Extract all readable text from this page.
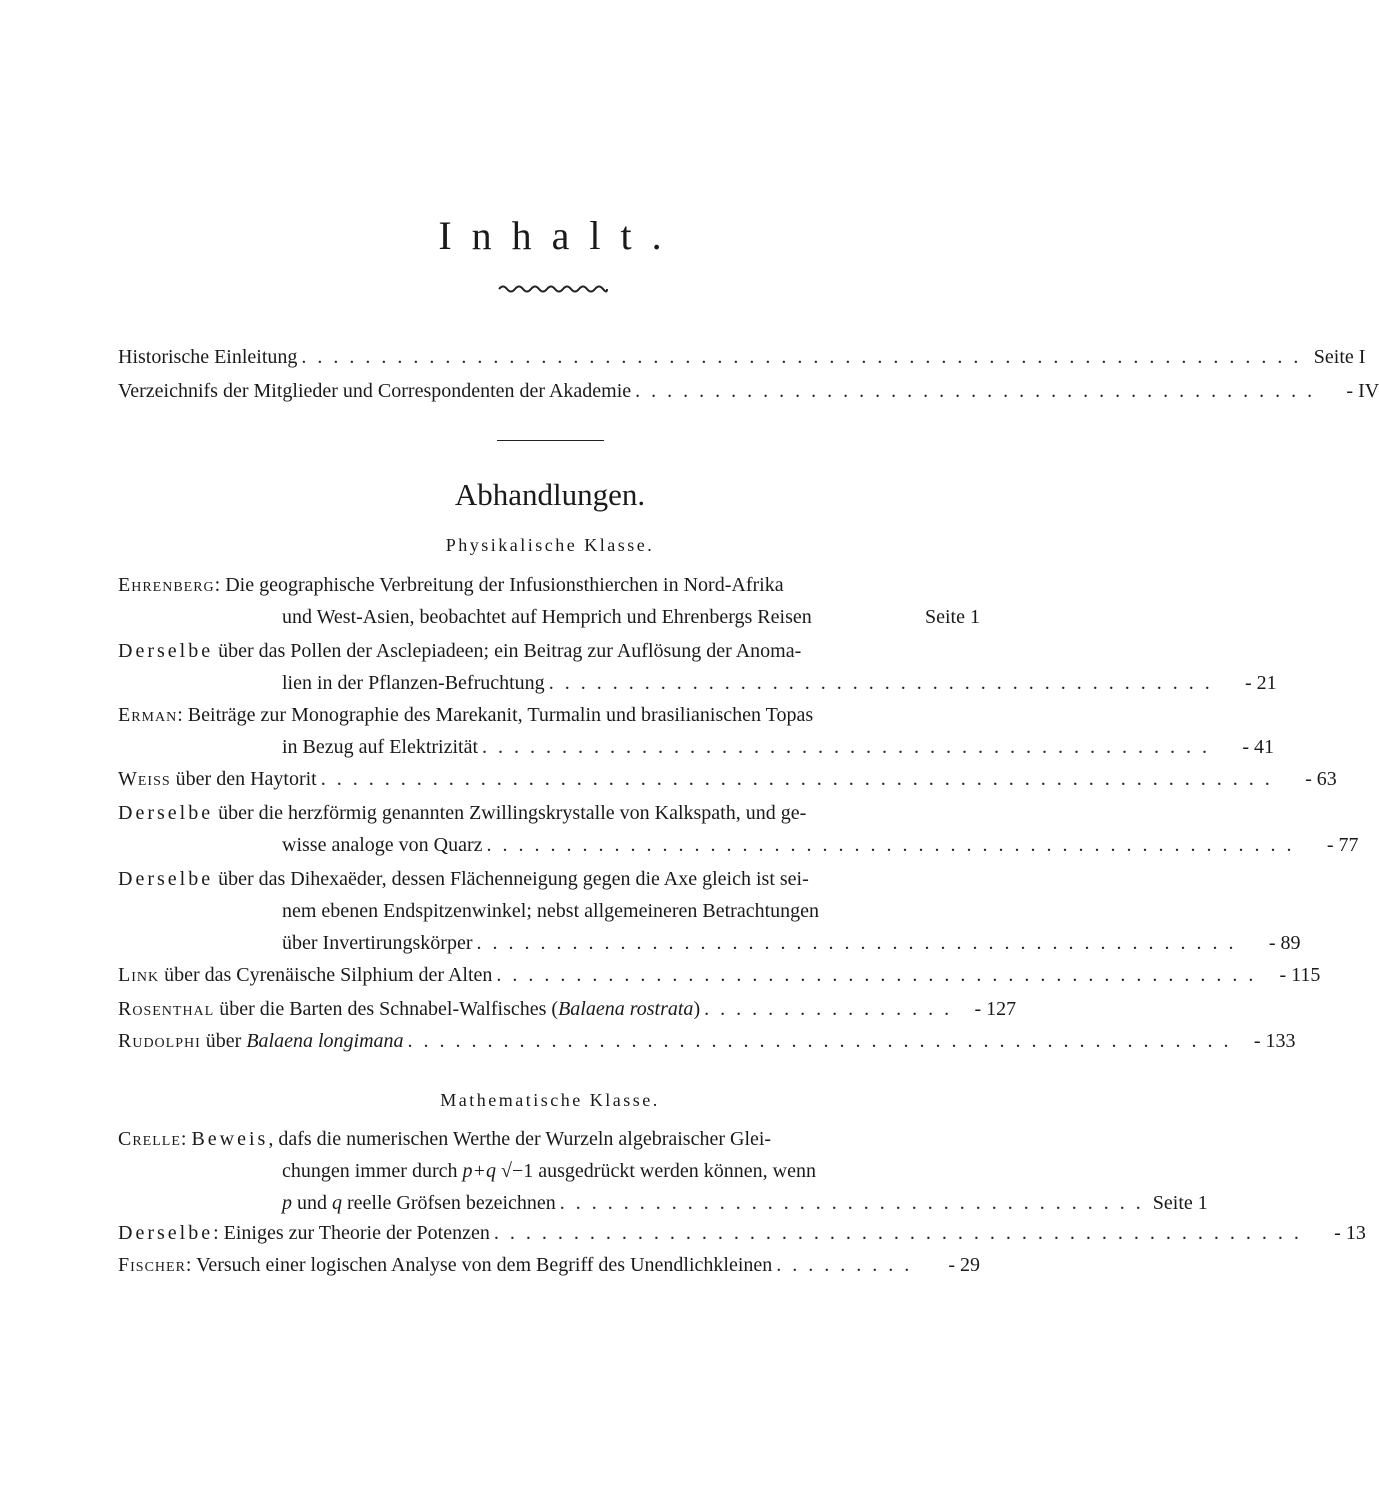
Inhalt.
Historische Einleitung . . . . . . . . . . . . . . . . . . . . . . . . . . . . . . . . . . . . . . . . . . . . . . . . . . . . . . . . . . . . . . . Seite I
Verzeichnifs der Mitglieder und Correspondenten der Akademie . . . . . . . . . . . . . . . . . . . . . . . . . . . . . . . . . . . . . . . . . . .	- IV
Abhandlungen.
Physikalische Klasse.
Ehrenberg: Die geographische Verbreitung der Infusionsthierchen in Nord-Afrika
und West-Asien, beobachtet auf Hemprich und Ehrenbergs Reisen	Seite 1
Derselbe über das Pollen der Asclepiadeen; ein Beitrag zur Auflösung der Anoma-
lien in der Pflanzen-Befruchtung . . . . . . . . . . . . . . . . . . . . . . . . . . . . . . . . . . . . . . . . . .	- 21
Erman: Beiträge zur Monographie des Marekanit, Turmalin und brasilianischen Topas
in Bezug auf Elektrizität . . . . . . . . . . . . . . . . . . . . . . . . . . . . . . . . . . . . . . . . . . . . . .	- 41
Weiss über den Haytorit . . . . . . . . . . . . . . . . . . . . . . . . . . . . . . . . . . . . . . . . . . . . . . . . . . . . . . . . . . . .	- 63
Derselbe über die herzförmig genannten Zwillingskrystalle von Kalkspath, und ge-
wisse analoge von Quarz . . . . . . . . . . . . . . . . . . . . . . . . . . . . . . . . . . . . . . . . . . . . . . . . . . .	- 77
Derselbe über das Dihexaëder, dessen Flächenneigung gegen die Axe gleich ist sei-
nem ebenen Endspitzenwinkel; nebst allgemeineren Betrachtungen
über Invertirungskörper . . . . . . . . . . . . . . . . . . . . . . . . . . . . . . . . . . . . . . . . . . . . . . . .	- 89
Link über das Cyrenäische Silphium der Alten . . . . . . . . . . . . . . . . . . . . . . . . . . . . . . . . . . . . . . . . . . . . . . . .	- 115
Rosenthal über die Barten des Schnabel-Walfisches (Balaena rostrata) . . . . . . . . . . . . . . . .	- 127
Rudolphi über Balaena longimana . . . . . . . . . . . . . . . . . . . . . . . . . . . . . . . . . . . . . . . . . . . . . . . . . . . .	- 133
Mathematische Klasse.
Crelle: Beweis, dafs die numerischen Werthe der Wurzeln algebraischer Glei-
chungen immer durch p+q √−1 ausgedrückt werden können, wenn
p und q reelle Gröfsen bezeichnen . . . . . . . . . . . . . . . . . . . . . . . . . . . . . . . . . . . . . Seite 1
Derselbe: Einiges zur Theorie der Potenzen . . . . . . . . . . . . . . . . . . . . . . . . . . . . . . . . . . . . . . . . . . . . . . . . . . .	- 13
Fischer: Versuch einer logischen Analyse von dem Begriff des Unendlichkleinen . . . . . . . . .	- 29
